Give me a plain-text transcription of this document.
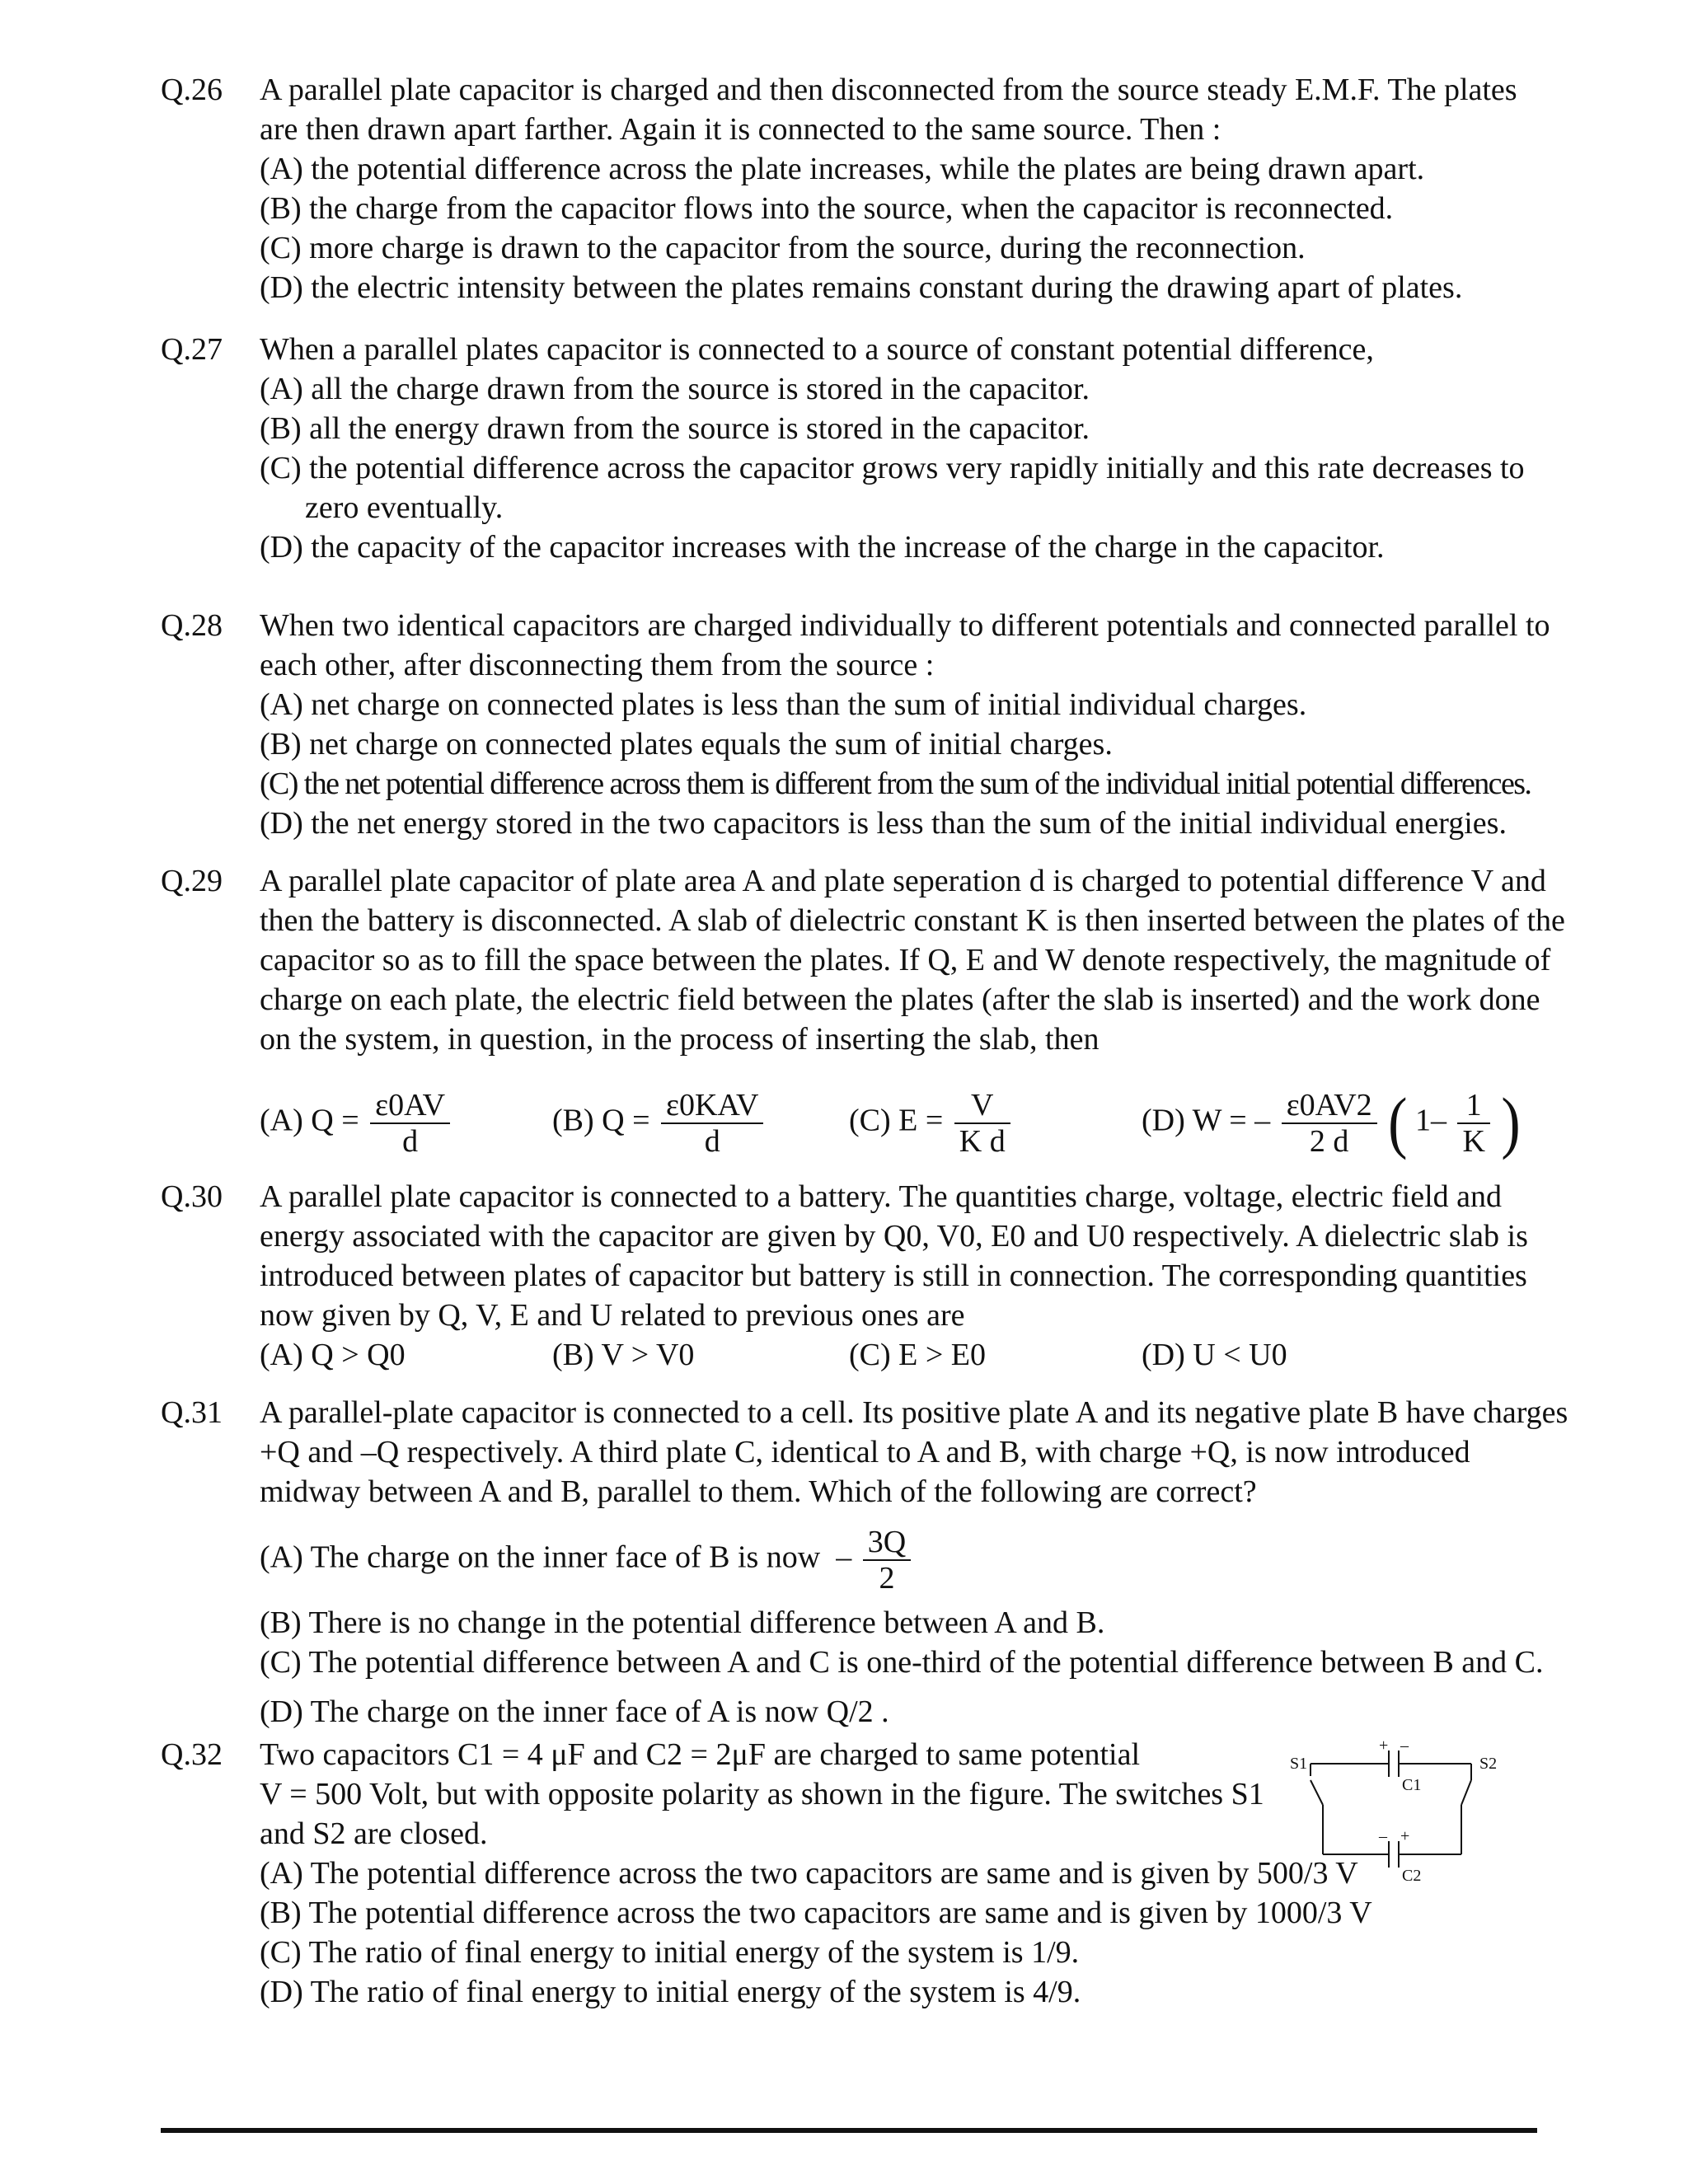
Q.26 A parallel plate capacitor is charged and then disconnected from the source steady E.M.F. The plates
are then drawn apart farther. Again it is connected to the same source. Then :
(A) the potential difference across the plate increases, while the plates are being drawn apart.
(B) the charge from the capacitor flows into the source, when the capacitor is reconnected.
(C) more charge is drawn to the capacitor from the source, during the reconnection.
(D) the electric intensity between the plates remains constant during the drawing apart of plates.
Q.27 When a parallel plates capacitor is connected to a source of constant potential difference,
(A) all the charge drawn from the source is stored in the capacitor.
(B) all the energy drawn from the source is stored in the capacitor.
(C) the potential difference across the capacitor grows very rapidly initially and this rate decreases to
zero eventually.
(D) the capacity of the capacitor increases with the increase of the charge in the capacitor.
Q.28 When two identical capacitors are charged individually to different potentials and connected parallel to
each other, after disconnecting them from the source :
(A) net charge on connected plates is less than the sum of initial individual charges.
(B) net charge on connected plates equals the sum of initial charges.
(C) the net potential difference across them is different from the sum of the individual initial potential differences.
(D) the net energy stored in the two capacitors is less than the sum of the initial individual energies.
Q.29 A parallel plate capacitor of plate area A and plate seperation d is charged to potential difference V and
then the battery is disconnected. A slab of dielectric constant K is then inserted between the plates of the
capacitor so as to fill the space between the plates. If Q, E and W denote respectively, the magnitude of
charge on each plate, the electric field between the plates (after the slab is inserted) and the work done
on the system, in question, in the process of inserting the slab, then
(A) $Q = \frac{\varepsilon 0AV}{d}$	(B) $Q = \frac{\text{ε0KAV}}{d}$	(C) $E = \frac{V}{\text{K d}}$	(D) W = – $\frac{\varepsilon 0AV2}{2 d}$ ( $1- \frac{1}{K}$ )
Q.30 A parallel plate capacitor is connected to a battery. The quantities charge, voltage, electric field and
energy associated with the capacitor are given by Q0, V0, E0 and U0 respectively. A dielectric slab is
introduced between plates of capacitor but battery is still in connection. The corresponding quantities
now given by Q, V, E and U related to previous ones are
(A) Q > Q0	(B) V > V0	(C) E > E0	(D) U < U0
Q.31 A parallel-plate capacitor is connected to a cell. Its positive plate A and its negative plate B have charges
+Q and –Q respectively. A third plate C, identical to A and B, with charge +Q, is now introduced
midway between A and B, parallel to them. Which of the following are correct?
(A) The charge on the inner face of B is now  – $\frac{3Q}{2}$
(B) There is no change in the potential difference between A and B.
(C) The potential difference between A and C is one-third of the potential difference between B and C.
(D) The charge on the inner face of A is now Q/2 .
Q.32 Two capacitors C1 = 4 μF and C2 = 2μF are charged to same potential
V = 500 Volt, but with opposite polarity as shown in the figure. The switches S1
and S2 are closed.
(A) The potential difference across the two capacitors are same and is given by 500/3 V
(B) The potential difference across the two capacitors are same and is given by 1000/3 V
(C) The ratio of final energy to initial energy of the system is 1/9.
(D) The ratio of final energy to initial energy of the system is 4/9.
S1	S2
C1
C2
+ –
– +
